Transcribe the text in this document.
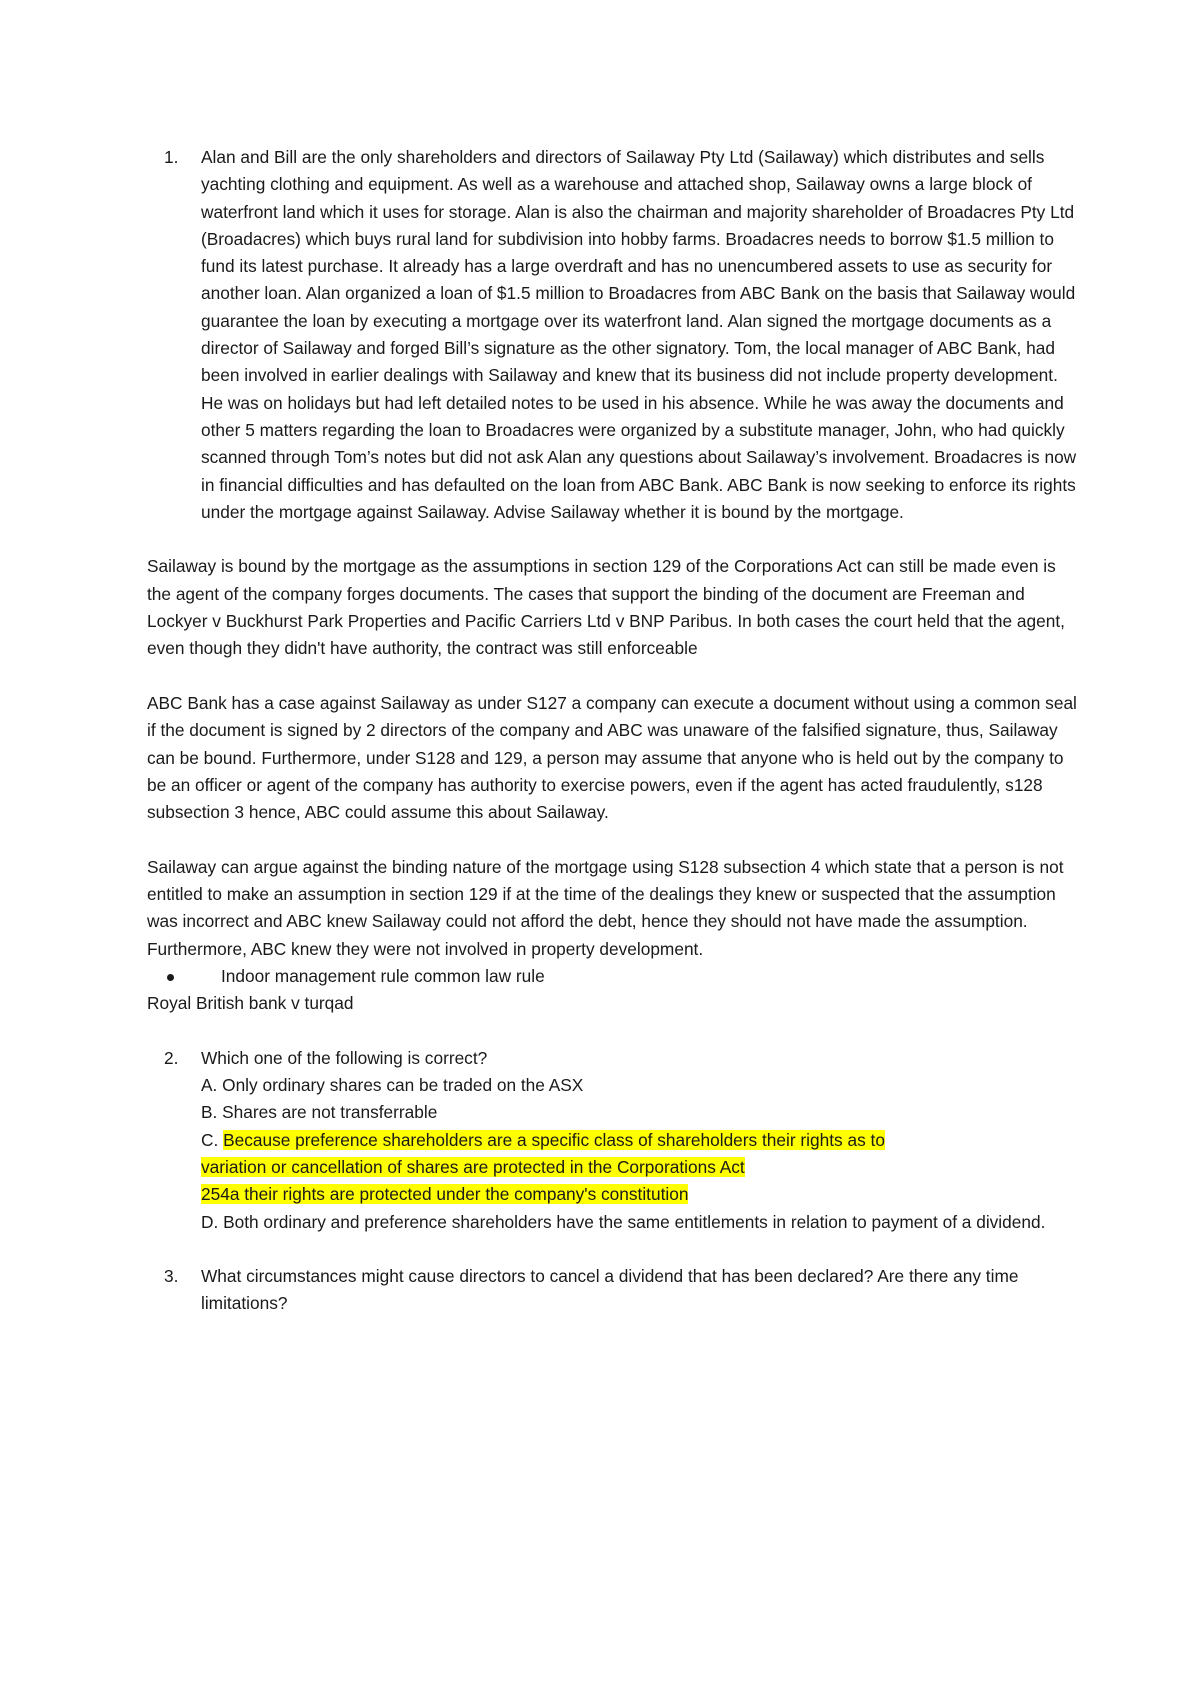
1. Alan and Bill are the only shareholders and directors of Sailaway Pty Ltd (Sailaway) which distributes and sells yachting clothing and equipment. As well as a warehouse and attached shop, Sailaway owns a large block of waterfront land which it uses for storage. Alan is also the chairman and majority shareholder of Broadacres Pty Ltd (Broadacres) which buys rural land for subdivision into hobby farms. Broadacres needs to borrow $1.5 million to fund its latest purchase. It already has a large overdraft and has no unencumbered assets to use as security for another loan. Alan organized a loan of $1.5 million to Broadacres from ABC Bank on the basis that Sailaway would guarantee the loan by executing a mortgage over its waterfront land. Alan signed the mortgage documents as a director of Sailaway and forged Bill’s signature as the other signatory. Tom, the local manager of ABC Bank, had been involved in earlier dealings with Sailaway and knew that its business did not include property development. He was on holidays but had left detailed notes to be used in his absence. While he was away the documents and other 5 matters regarding the loan to Broadacres were organized by a substitute manager, John, who had quickly scanned through Tom’s notes but did not ask Alan any questions about Sailaway’s involvement. Broadacres is now in financial difficulties and has defaulted on the loan from ABC Bank. ABC Bank is now seeking to enforce its rights under the mortgage against Sailaway. Advise Sailaway whether it is bound by the mortgage.

Sailaway is bound by the mortgage as the assumptions in section 129 of the Corporations Act can still be made even is the agent of the company forges documents. The cases that support the binding of the document are Freeman and Lockyer v Buckhurst Park Properties and Pacific Carriers Ltd v BNP Paribus. In both cases the court held that the agent, even though they didn't have authority, the contract was still enforceable

ABC Bank has a case against Sailaway as under S127 a company can execute a document without using a common seal if the document is signed by 2 directors of the company and ABC was unaware of the falsified signature, thus, Sailaway can be bound. Furthermore, under S128 and 129, a person may assume that anyone who is held out by the company to be an officer or agent of the company has authority to exercise powers, even if the agent has acted fraudulently, s128 subsection 3 hence, ABC could assume this about Sailaway.

Sailaway can argue against the binding nature of the mortgage using S128 subsection 4 which state that a person is not entitled to make an assumption in section 129 if at the time of the dealings they knew or suspected that the assumption was incorrect and ABC knew Sailaway could not afford the debt, hence they should not have made the assumption. Furthermore, ABC knew they were not involved in property development.

Indoor management rule common law rule

Royal British bank v turqad

2. Which one of the following is correct?

A. Only ordinary shares can be traded on the ASX

B. Shares are not transferrable

C. Because preference shareholders are a specific class of shareholders their rights as to

variation or cancellation of shares are protected in the Corporations Act

254a their rights are protected under the company's constitution

D. Both ordinary and preference shareholders have the same entitlements in relation to payment of a dividend.

3. What circumstances might cause directors to cancel a dividend that has been declared? Are there any time limitations?
